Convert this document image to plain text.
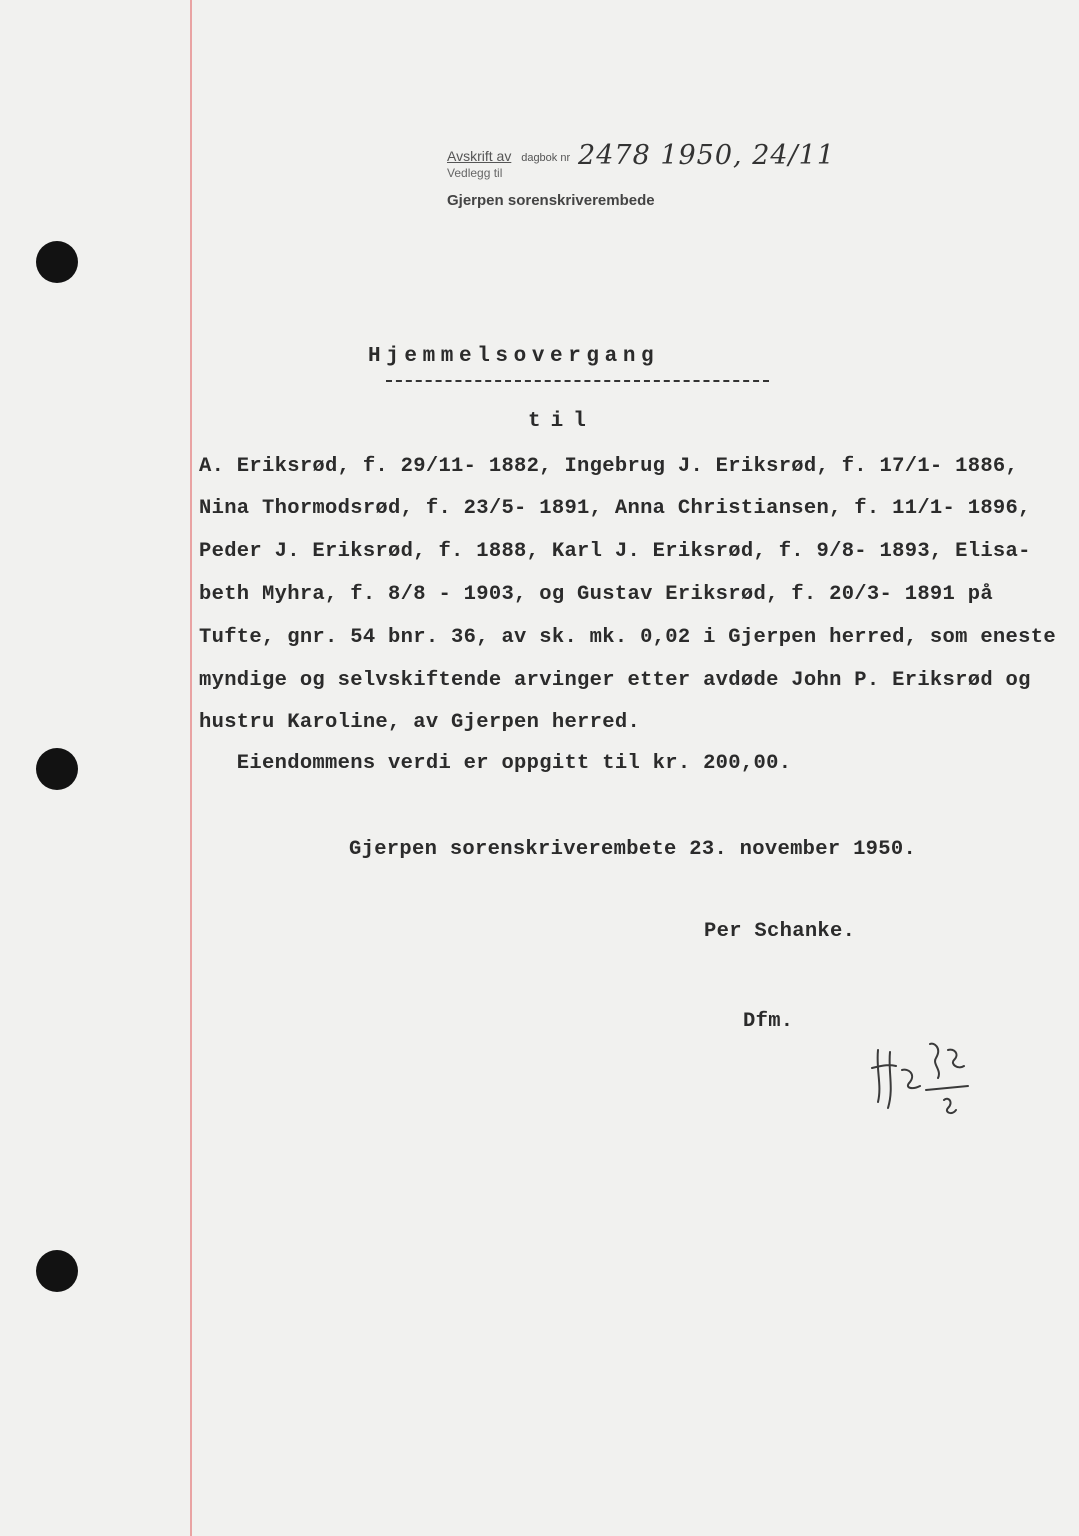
Avskrift av dagbok nr 2478 1950, 24/11
Vedlegg til
Gjerpen sorenskriverembede
Hjemmelsovergang
til
A. Eriksrød, f. 29/11- 1882, Ingebrug J. Eriksrød, f. 17/1- 1886,
Nina Thormodsrød, f. 23/5- 1891, Anna Christiansen, f. 11/1- 1896,
Peder J. Eriksrød, f. 1888, Karl J. Eriksrød, f. 9/8- 1893, Elisa-
beth Myhra, f. 8/8 - 1903, og Gustav Eriksrød, f. 20/3- 1891 på
Tufte, gnr. 54 bnr. 36, av sk. mk. 0,02 i Gjerpen herred, som eneste
myndige og selvskiftende arvinger etter avdøde John P. Eriksrød og
hustru Karoline, av Gjerpen herred.
Eiendommens verdi er oppgitt til kr. 200,00.
Gjerpen sorenskriverembete 23. november 1950.
Per Schanke.
Dfm.
